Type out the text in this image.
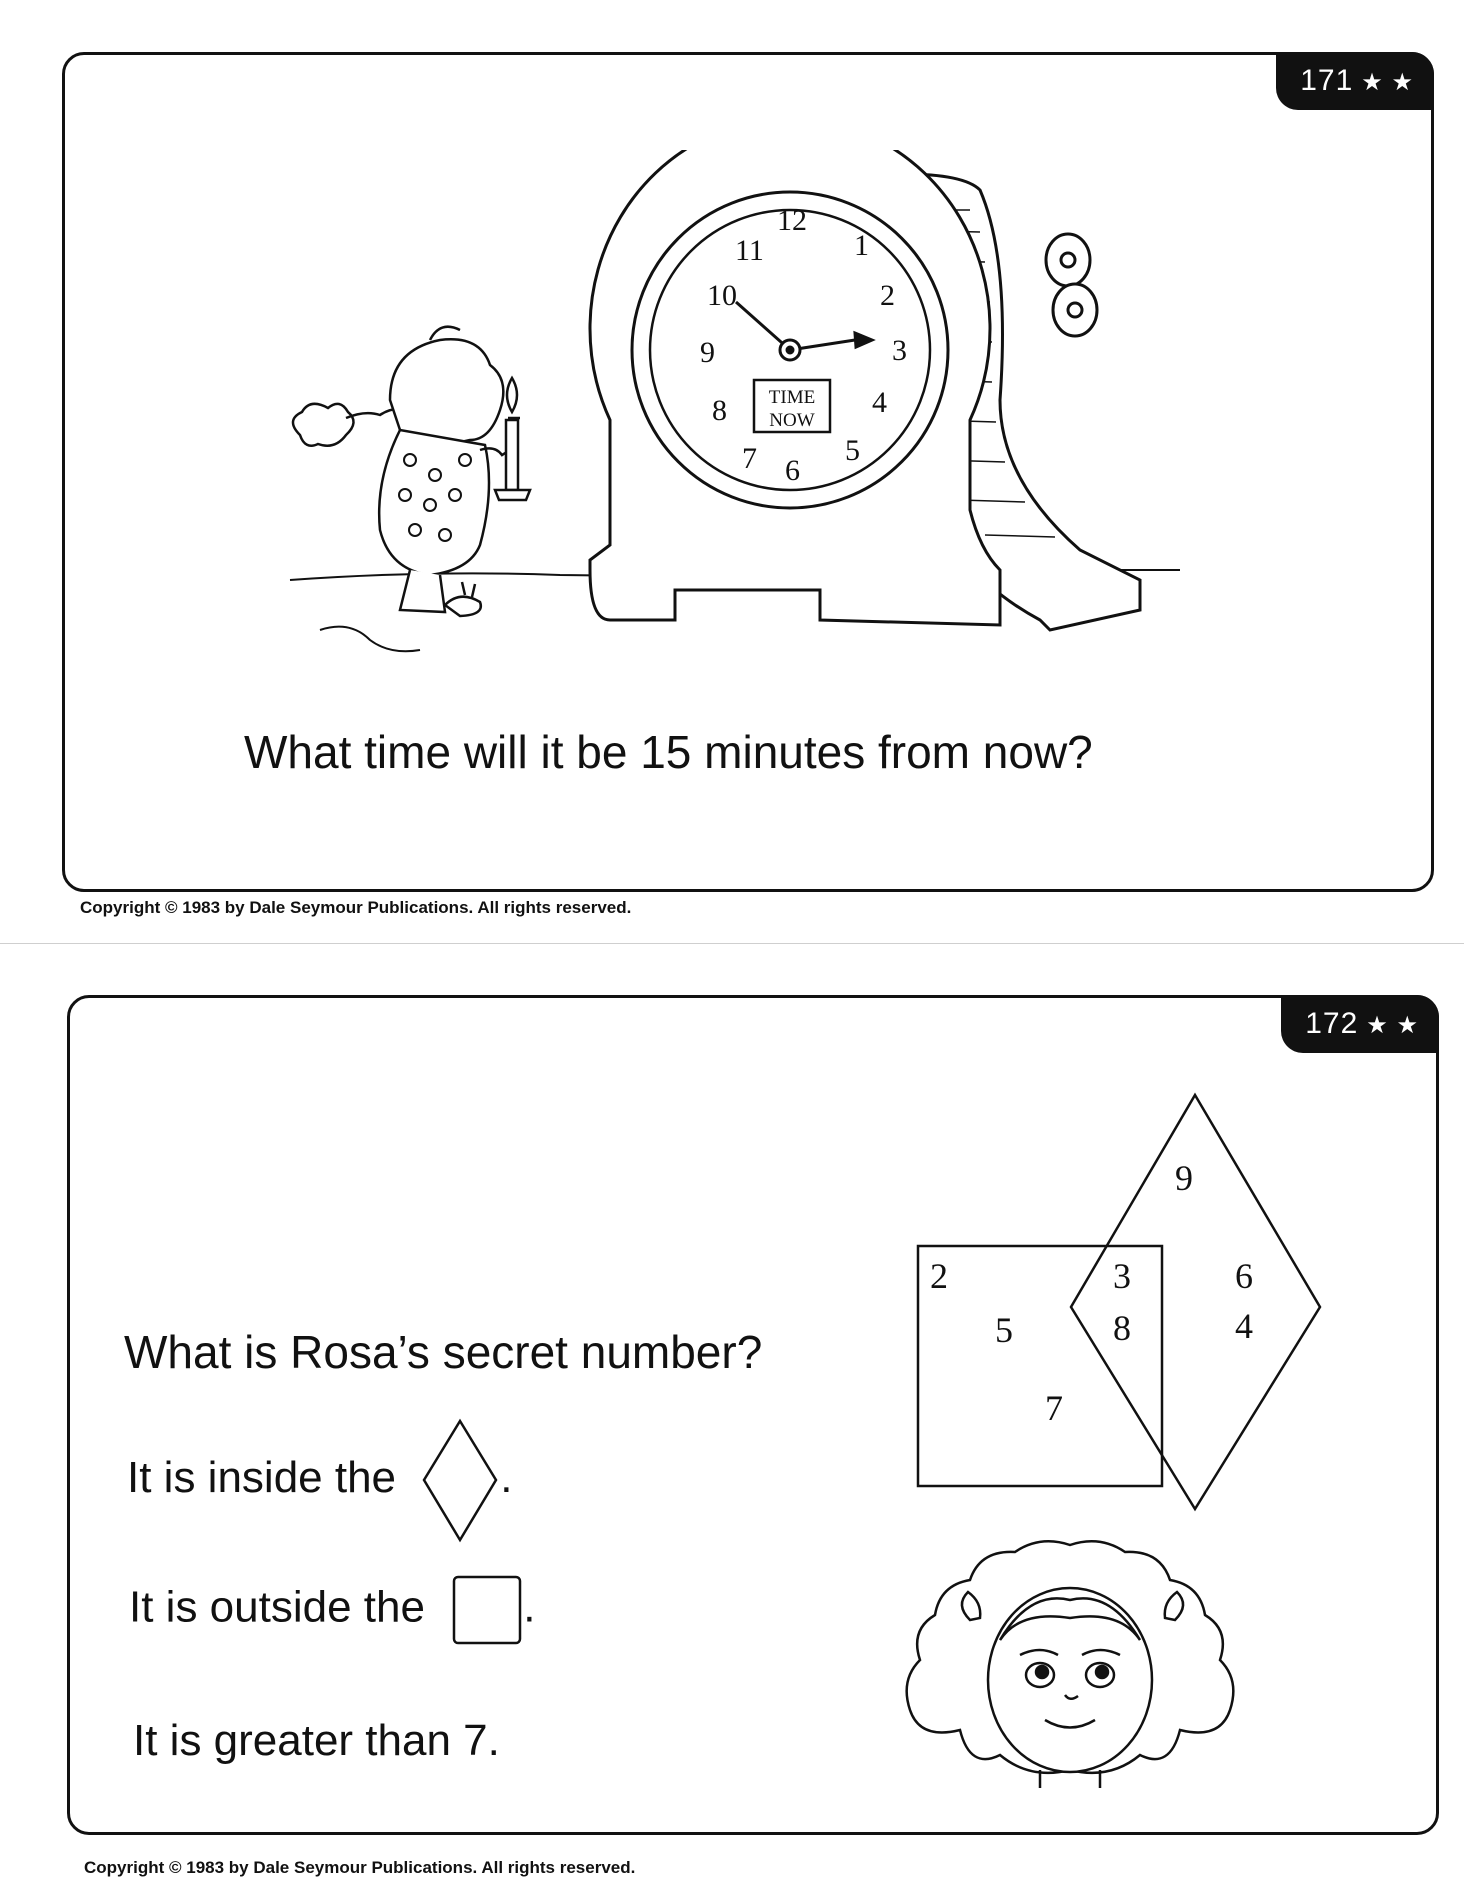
171 ★ ★
12
1
2
3
4
5
6
7
8
9
10
11
TIME
NOW
What time will it be 15 minutes from now?
Copyright © 1983 by Dale Seymour Publications. All rights reserved.
172 ★ ★
What is Rosa’s secret number?
It is inside the .
It is outside the .
It is greater than 7.
2
5
7
3
8
9
6
4
Copyright © 1983 by Dale Seymour Publications. All rights reserved.
